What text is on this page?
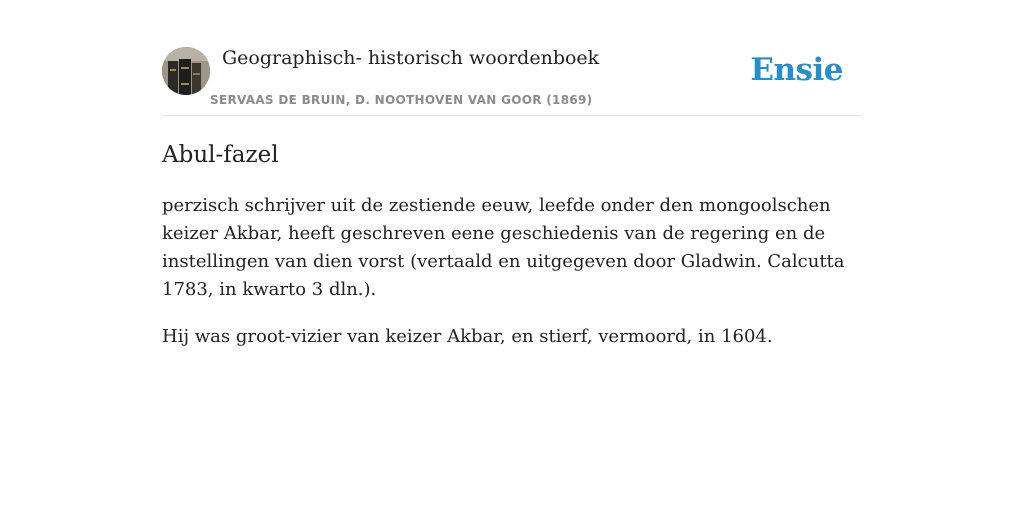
Geographisch- historisch woordenboek
SERVAAS DE BRUIN, D. NOOTHOVEN VAN GOOR (1869)
Ensie
Abul-fazel

perzisch schrijver uit de zestiende eeuw, leefde onder den mongoolschen keizer Akbar, heeft geschreven eene geschiedenis van de regering en de instellingen van dien vorst (vertaald en uitgegeven door Gladwin. Calcutta 1783, in kwarto 3 dln.).

Hij was groot-vizier van keizer Akbar, en stierf, vermoord, in 1604.
